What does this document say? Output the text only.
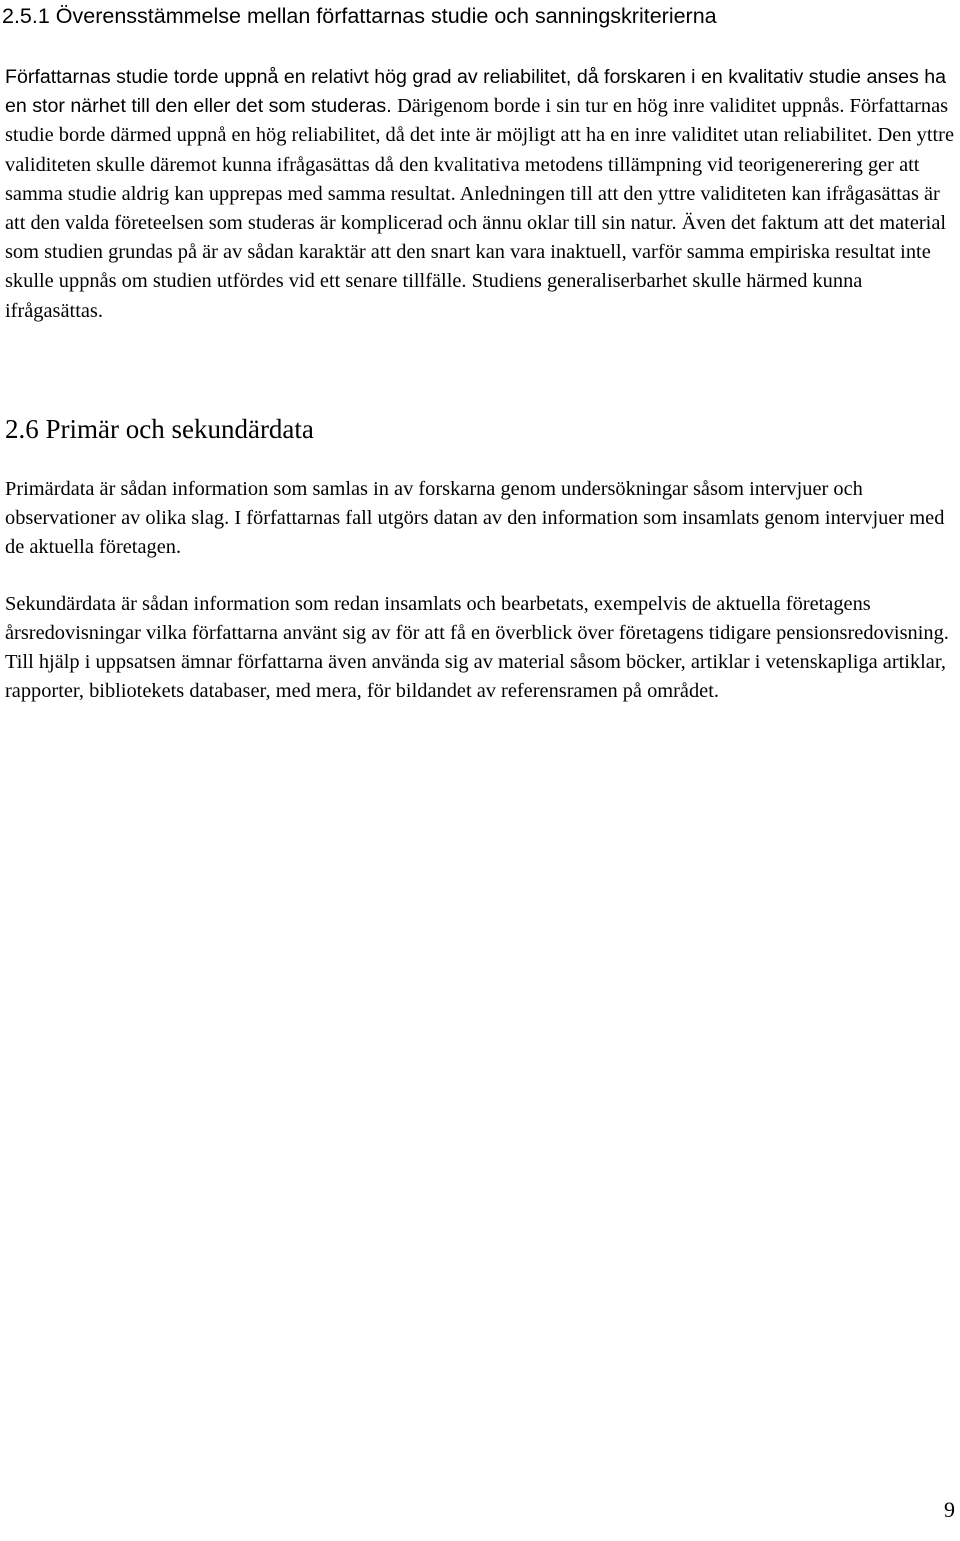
2.5.1 Överensstämmelse mellan författarnas studie och sanningskriterierna

Författarnas studie torde uppnå en relativt hög grad av reliabilitet, då forskaren i en kvalitativ studie anses ha en stor närhet till den eller det som studeras. Därigenom borde i sin tur en hög inre validitet uppnås. Författarnas studie borde därmed uppnå en hög reliabilitet, då det inte är möjligt att ha en inre validitet utan reliabilitet. Den yttre validiteten skulle däremot kunna ifrågasättas då den kvalitativa metodens tillämpning vid teorigenerering ger att samma studie aldrig kan upprepas med samma resultat. Anledningen till att den yttre validiteten kan ifrågasättas är att den valda företeelsen som studeras är komplicerad och ännu oklar till sin natur. Även det faktum att det material som studien grundas på är av sådan karaktär att den snart kan vara inaktuell, varför samma empiriska resultat inte skulle uppnås om studien utfördes vid ett senare tillfälle. Studiens generaliserbarhet skulle härmed kunna ifrågasättas.

2.6 Primär och sekundärdata

Primärdata är sådan information som samlas in av forskarna genom undersökningar såsom intervjuer och observationer av olika slag. I författarnas fall utgörs datan av den information som insamlats genom intervjuer med de aktuella företagen.

Sekundärdata är sådan information som redan insamlats och bearbetats, exempelvis de aktuella företagens årsredovisningar vilka författarna använt sig av för att få en överblick över företagens tidigare pensionsredovisning. Till hjälp i uppsatsen ämnar författarna även använda sig av material såsom böcker, artiklar i vetenskapliga artiklar, rapporter, bibliotekets databaser, med mera, för bildandet av referensramen på området.

9
